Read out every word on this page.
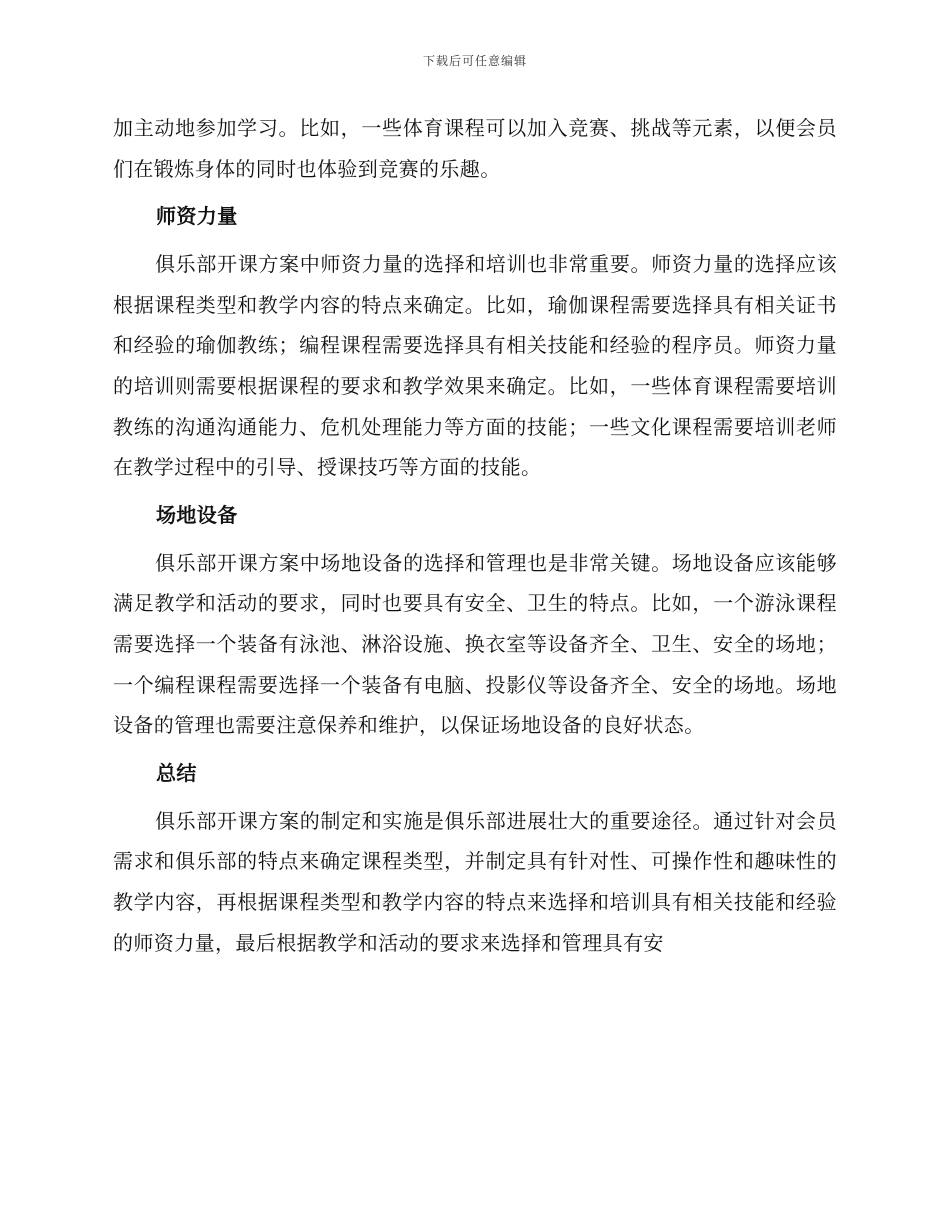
下载后可任意编辑

加主动地参加学习。比如，一些体育课程可以加入竞赛、挑战等元素，以便会员们在锻炼身体的同时也体验到竞赛的乐趣。

师资力量

俱乐部开课方案中师资力量的选择和培训也非常重要。师资力量的选择应该根据课程类型和教学内容的特点来确定。比如，瑜伽课程需要选择具有相关证书和经验的瑜伽教练；编程课程需要选择具有相关技能和经验的程序员。师资力量的培训则需要根据课程的要求和教学效果来确定。比如，一些体育课程需要培训教练的沟通沟通能力、危机处理能力等方面的技能；一些文化课程需要培训老师在教学过程中的引导、授课技巧等方面的技能。

场地设备

俱乐部开课方案中场地设备的选择和管理也是非常关键。场地设备应该能够满足教学和活动的要求，同时也要具有安全、卫生的特点。比如，一个游泳课程需要选择一个装备有泳池、淋浴设施、换衣室等设备齐全、卫生、安全的场地；一个编程课程需要选择一个装备有电脑、投影仪等设备齐全、安全的场地。场地设备的管理也需要注意保养和维护，以保证场地设备的良好状态。

总结

俱乐部开课方案的制定和实施是俱乐部进展壮大的重要途径。通过针对会员需求和俱乐部的特点来确定课程类型，并制定具有针对性、可操作性和趣味性的教学内容，再根据课程类型和教学内容的特点来选择和培训具有相关技能和经验的师资力量，最后根据教学和活动的要求来选择和管理具有安
